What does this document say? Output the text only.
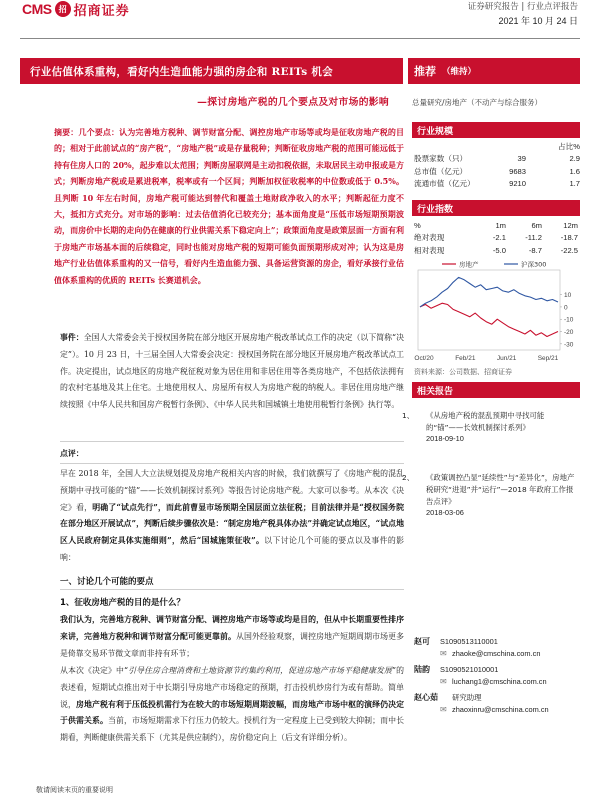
CMS 招 招商证券	证券研究报告 | 行业点评报告
2021 年 10 月 24 日
行业估值体系重构，看好内生造血能力强的房企和 REITs 机会
—探讨房地产税的几个要点及对市场的影响
推荐 （维持）
总量研究/房地产（不动产与综合服务）
摘要：几个要点：认为完善地方税种、调节财富分配、调控房地产市场等或均是征收房地产税的目的；相对于此前试点的“房产税”，“房地产税”或是存量税种；判断征收房地产税的范围可能远低于持有住房人口的 20%，起步难以太范围；判断房屋联网是主动扣税依据，未取居民主动申报或是方式；判断房地产税或是累进税率，税率或有一个区间；判断加权征收税率的中位数或低于 0.5%。且判断 10 年左右时间，房地产税可能达到替代和覆盖土地财政净收入的水平；判断起征力度不大，抵扣方式充分。对市场的影响：过去估值消化已较充分；基本面角度是“压低市场短期预期波动，而房价中长期的走向仍在健康的行业供需关系下稳定向上”；政策面角度是政策层面一方面有利于房地产市场基本面的后续稳定，同时也能对房地产税的短期可能负面预期形成对冲；认为这是房地产行业估值体系重构的又一信号，看好内生造血能力强、具备运营资源的房企，看好承接行业估值体系重构的优质的 REITs 长赛道机会。
事件：全国人大常委会关于授权国务院在部分地区开展房地产税改革试点工作的决定（以下简称“决定”）。10 月 23 日，十三届全国人大常委会决定：授权国务院在部分地区开展房地产税改革试点工作。决定提出，试点地区的房地产税征税对象为居住用和非居住用等各类房地产，不包括依法拥有的农村宅基地及其上住宅。土地使用权人、房屋所有权人为房地产税的纳税人。非居住用房地产继续按照《中华人民共和国房产税暂行条例》、《中华人民共和国城镇土地使用税暂行条例》执行等。
点评：
早在 2018 年，全国人大立法规划提及房地产税相关内容的时候，我们就撰写了《房地产税的混乱预期中寻找可能的“锚”——长效机制探讨系列》等报告讨论房地产税。大家可以参考。从本次《决定》看，明确了“试点先行”，而此前曹显市场预期全国层面立法征税；目前法律并是“授权国务院在部分地区开展试点”，判断后续步骤依次是：“制定房地产税具体办法”并确定试点地区，“试点地区人民政府制定具体实施细则”，然后“国城施策征收”。以下讨论几个可能的要点以及事件的影响：
一、讨论几个可能的要点
1、征收房地产税的目的是什么？
我们认为，完善地方税种、调节财富分配、调控房地产市场等或均是目的，但从中长期重要性排序来讲，完善地方税种和调节财富分配可能更靠前。从国外经验观察，调控房地产短期周期市场更多是倚靠交易环节微文章而非持有环节；
从本次《决定》中“引导住房合理消费和土地资源节约集约利用，促进房地产市场平稳健康发展”的表述看，短期试点推出对于中长期引导房地产市场稳定的预期，打击投机炒房行为或有帮助。简单说，房地产税有利于压低投机需行为在较大的市场短期周期波幅，而房地产市场中枢的演绎仍决定于供需关系。当前，市场短期需求下行压力仍较大。授机行为一定程度上已受到较大抑制；而中长期看，判断健康供需关系下（尤其是供应制约），房价稳定向上（后文有详细分析）。
敬请阅读末页的重要说明
行业规模
占比%
股票家数（只）	39	2.9
总市值（亿元）	9683	1.6
流通市值（亿元）	9210	1.7
行业指数
%	1m	6m	12m
绝对表现	-2.1	-11.2	-18.7
相对表现	-5.0	-8.7	-22.5
10
0
-10
-20
-30
Oct/20	Feb/21	Jun/21	Sep/21
房地产	沪深300
资料来源：公司数据、招商证券
相关报告
1、 《从房地产税的混乱预期中寻找可能的“锚”——长效机制探讨系列》
2018-09-10
2、 《政策调控凸显“延续性”与“差异化”，房地产税研究“进退”并“运行”—2018 年政府工作报告点评》
2018-03-06
赵可	S1090513110001
✉ zhaoke@cmschina.com.cn
陆韵	S1090521010001
✉ luchang1@cmschina.com.cn
赵心茹	研究助理
✉ zhaoxinru@cmschina.com.cn
